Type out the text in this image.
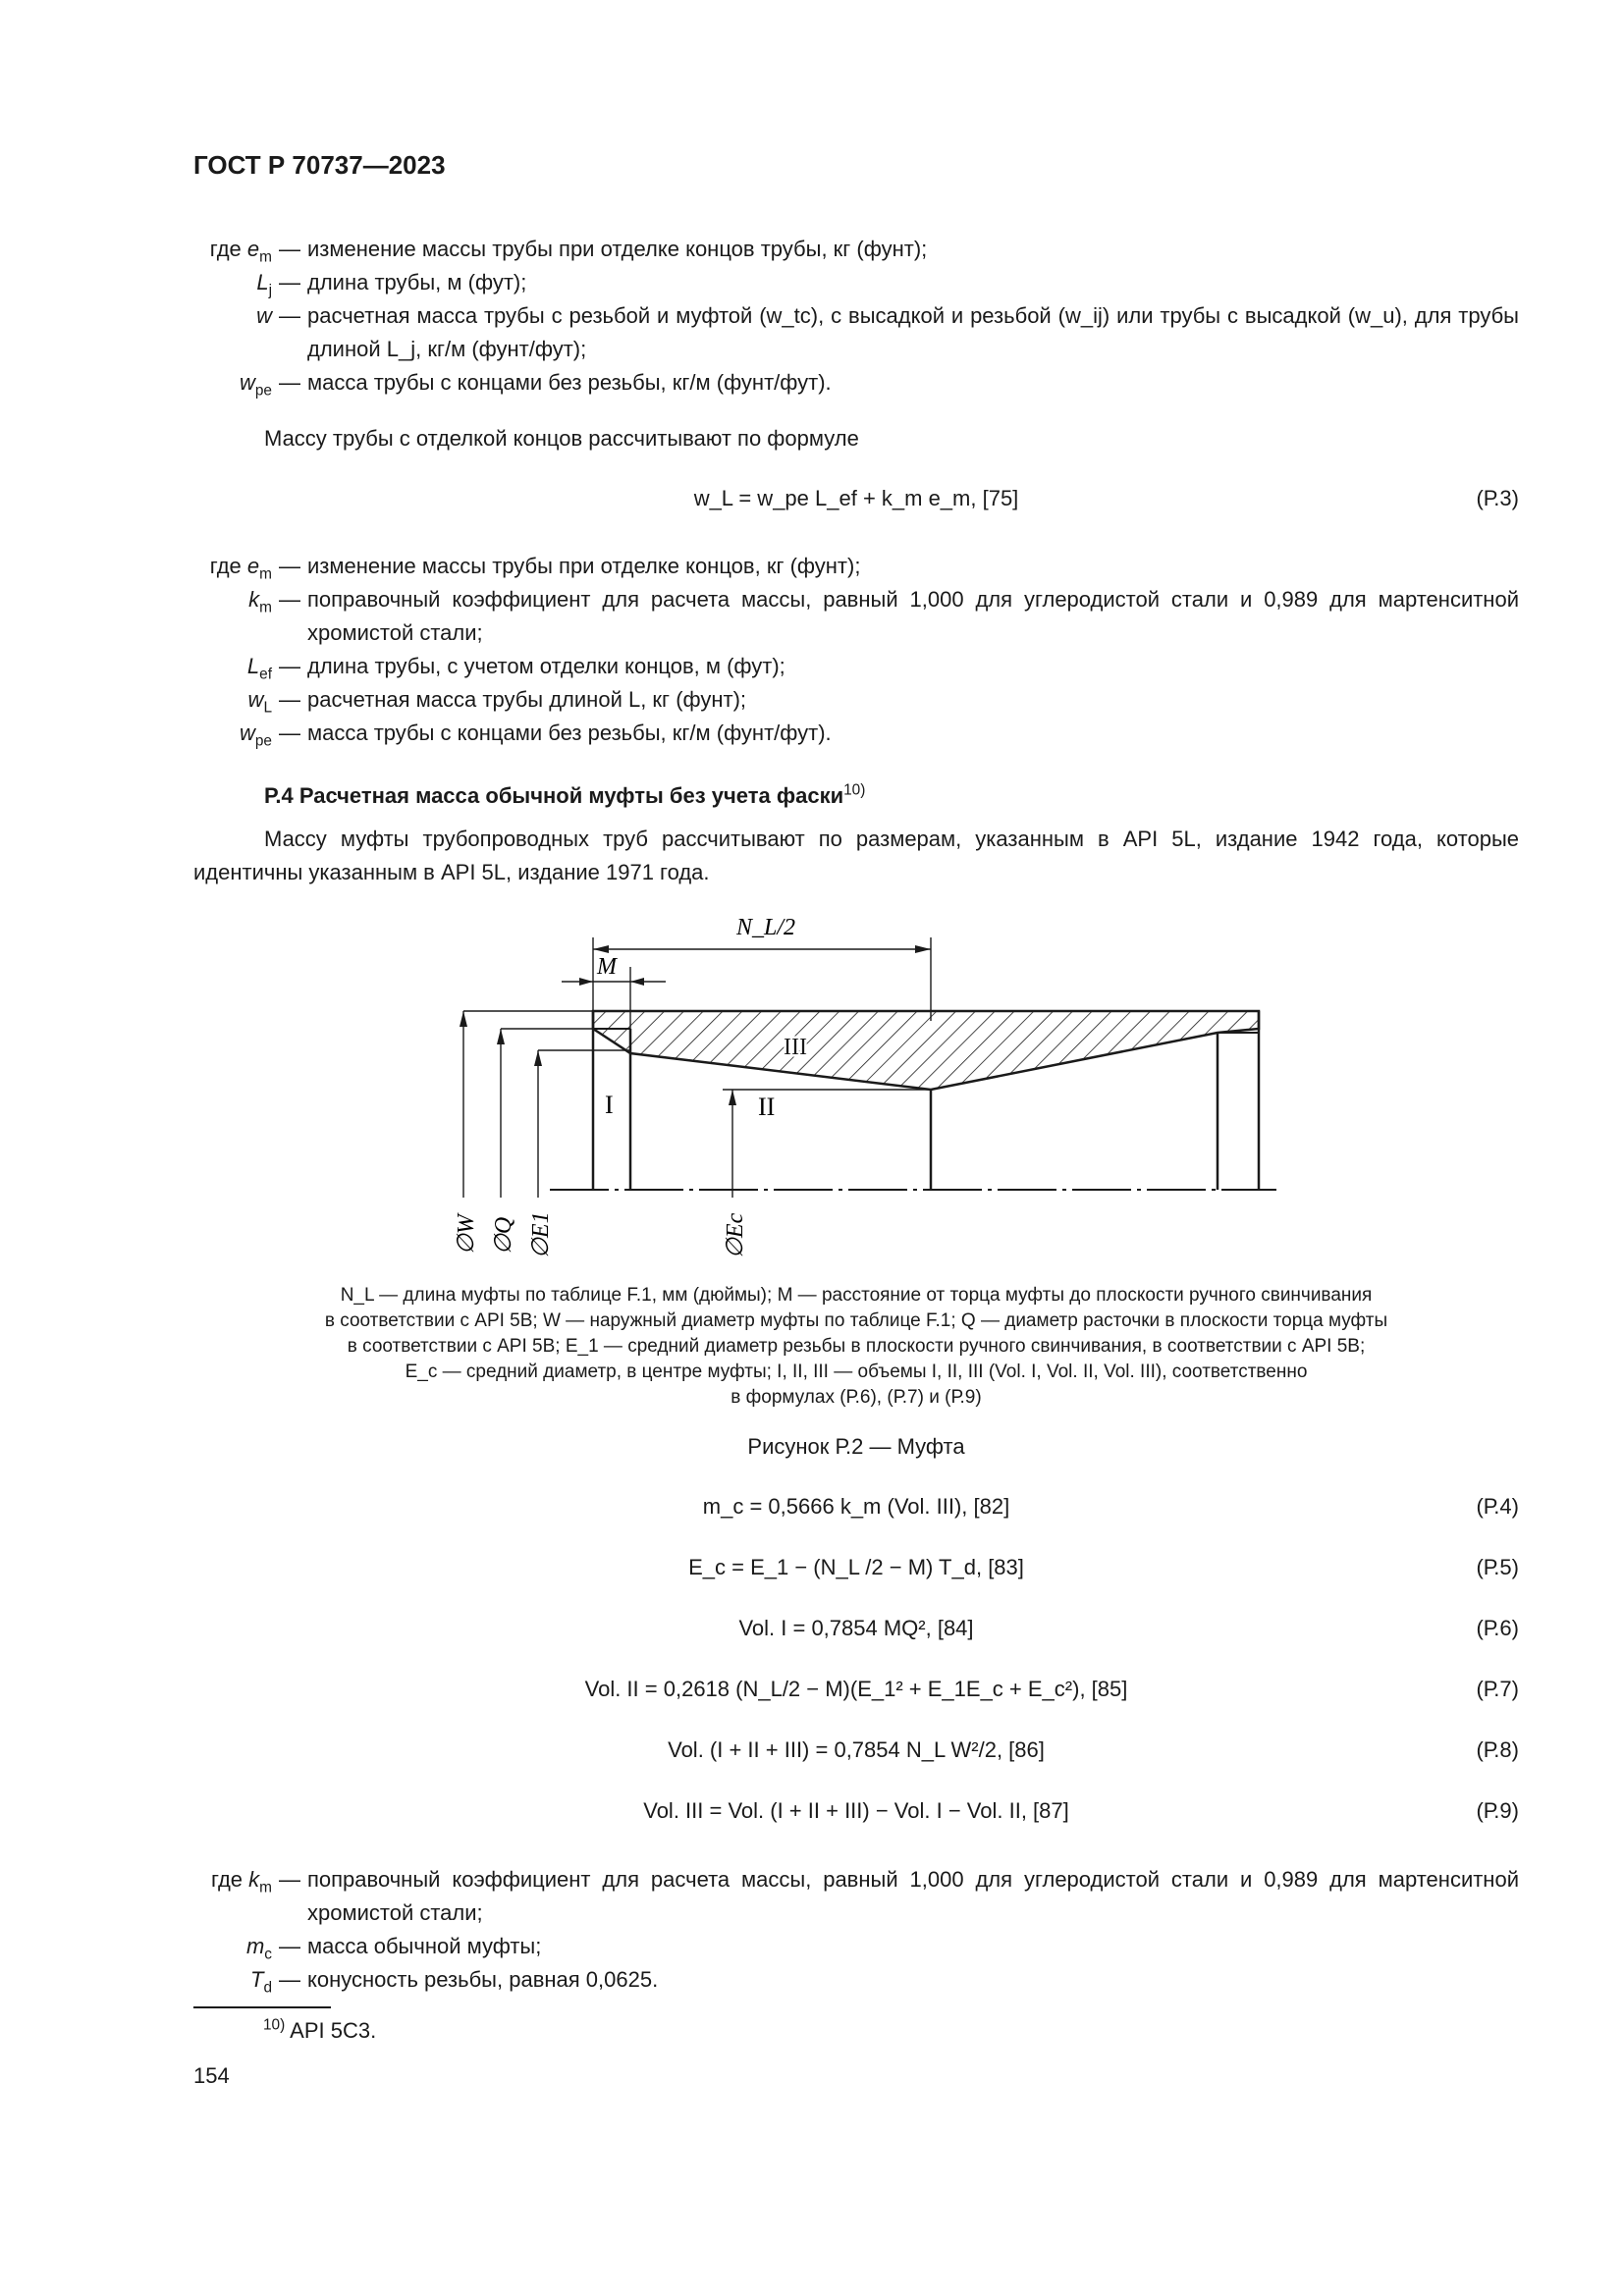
ГОСТ Р 70737—2023
где $e_m$ — изменение массы трубы при отделке концов трубы, кг (фунт);
$L_j$ — длина трубы, м (фут);
w — расчетная масса трубы с резьбой и муфтой (w_tc), с высадкой и резьбой (w_ij) или трубы с высадкой (w_u), для трубы длиной L_j, кг/м (фунт/фут);
$w_{pe}$ — масса трубы с концами без резьбы, кг/м (фунт/фут).
Массу трубы с отделкой концов рассчитывают по формуле
w_L = w_pe L_ef + k_m e_m, [75]	(Р.3)
где $e_m$ — изменение массы трубы при отделке концов, кг (фунт);
$k_m$ — поправочный коэффициент для расчета массы, равный 1,000 для углеродистой стали и 0,989 для мартенситной хромистой стали;
$L_{ef}$ — длина трубы, с учетом отделки концов, м (фут);
$w_L$ — расчетная масса трубы длиной L, кг (фунт);
$w_{pe}$ — масса трубы с концами без резьбы, кг/м (фунт/фут).
Р.4 Расчетная масса обычной муфты без учета фаски$^{10)}$
Массу муфты трубопроводных труб рассчитывают по размерам, указанным в API 5L, издание 1942 года, которые идентичны указанным в API 5L, издание 1971 года.
N_L/2
M
I	II
III
∅W ∅Q ∅E1	∅Ec
N_L — длина муфты по таблице F.1, мм (дюймы); M — расстояние от торца муфты до плоскости ручного свинчивания
в соответствии с API 5B; W — наружный диаметр муфты по таблице F.1; Q — диаметр расточки в плоскости торца муфты
в соответствии с API 5B; E_1 — средний диаметр резьбы в плоскости ручного свинчивания, в соответствии с API 5B;
E_c — средний диаметр, в центре муфты; I, II, III — объемы I, II, III (Vol. I, Vol. II, Vol. III), соответственно
в формулах (Р.6), (Р.7) и (Р.9)
Рисунок Р.2 — Муфта
m_c = 0,5666 k_m (Vol. III), [82]	(Р.4)
E_c = E_1 − (N_L /2 − M) T_d, [83]	(Р.5)
Vol. I = 0,7854 MQ², [84]	(Р.6)
Vol. II = 0,2618 (N_L/2 − M)(E_1² + E_1E_c + E_c²), [85]	(Р.7)
Vol. (I + II + III) = 0,7854 N_L W²/2, [86]	(Р.8)
Vol. III = Vol. (I + II + III) − Vol. I − Vol. II, [87]	(Р.9)
где $k_m$ — поправочный коэффициент для расчета массы, равный 1,000 для углеродистой стали и 0,989 для мартенситной хромистой стали;
$m_c$ — масса обычной муфты;
$T_d$ — конусность резьбы, равная 0,0625.
$^{10)}$ API 5C3.
154
